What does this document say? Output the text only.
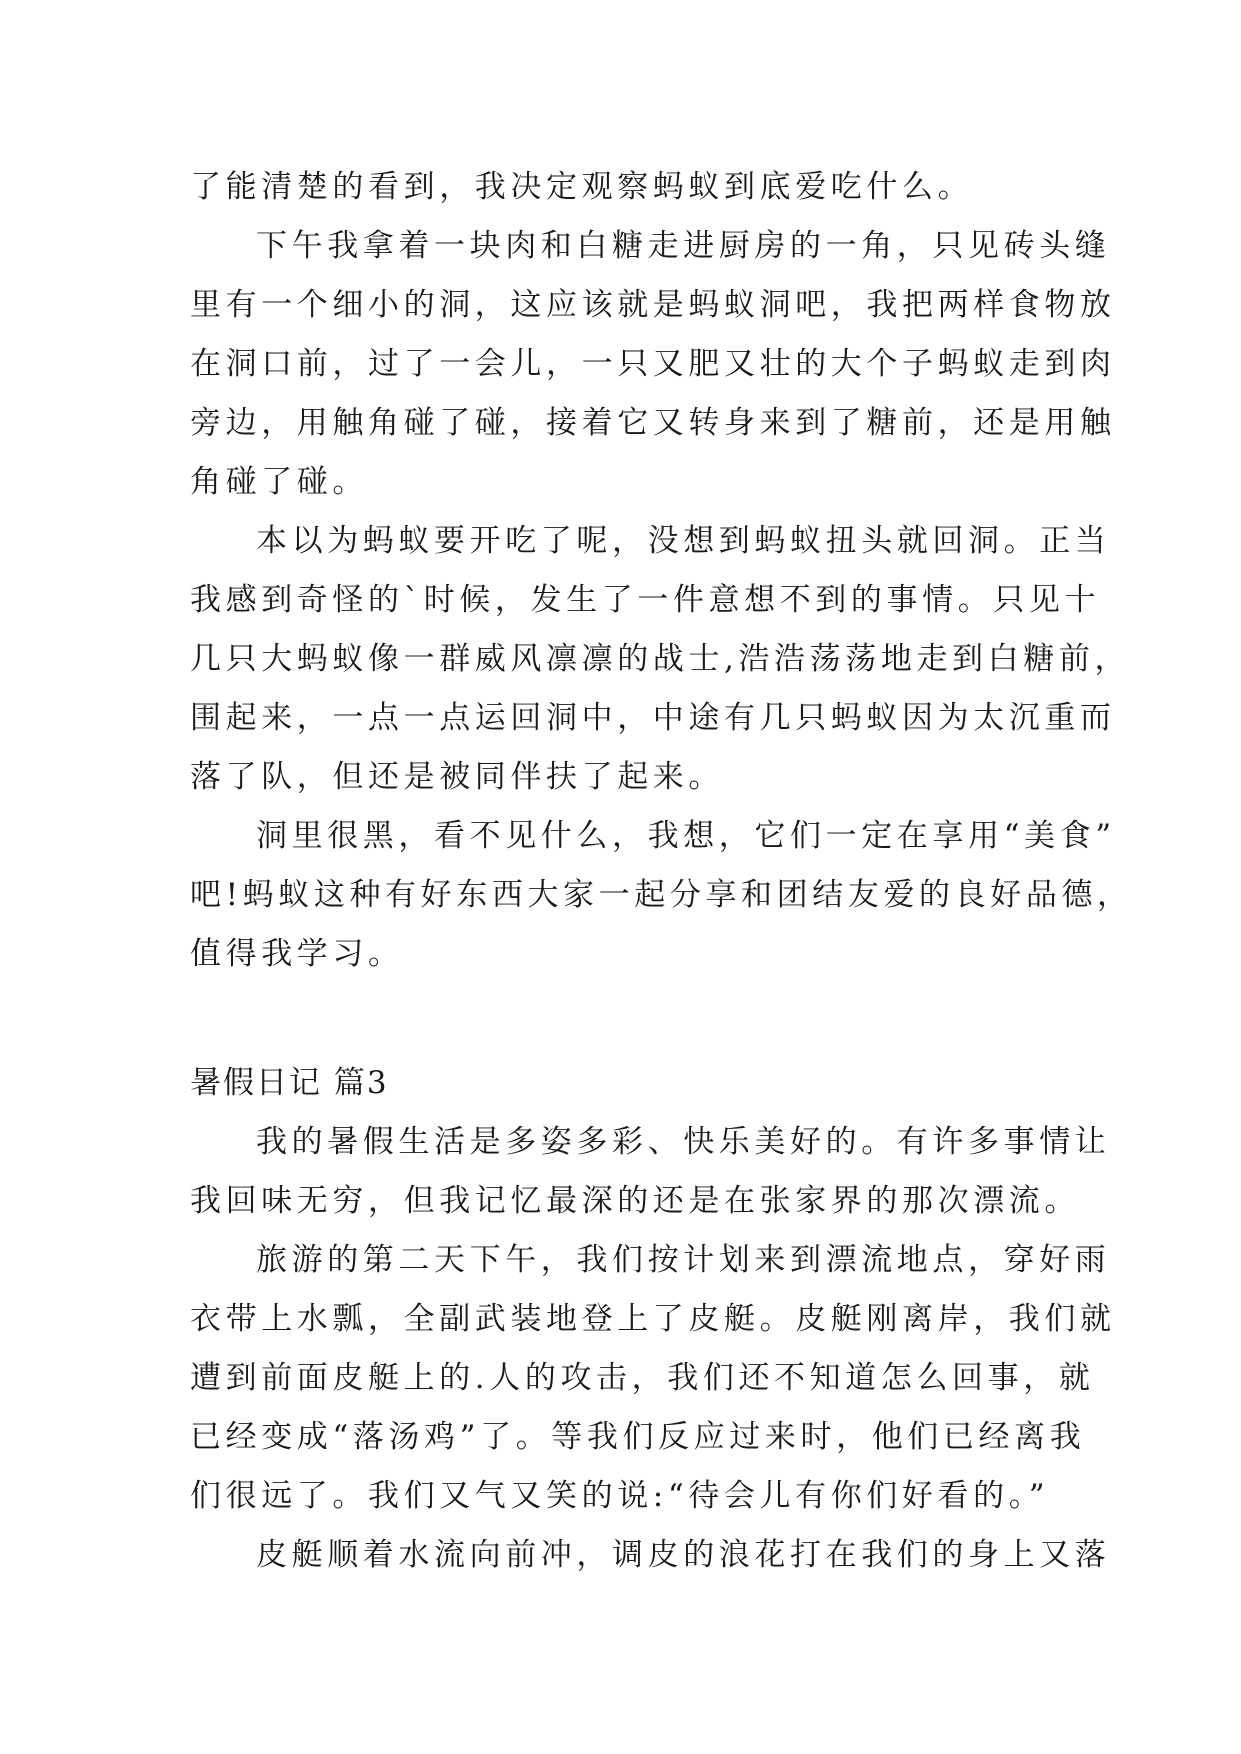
了能清楚的看到，我决定观察蚂蚁到底爱吃什么。
下午我拿着一块肉和白糖走进厨房的一角，只见砖头缝
里有一个细小的洞，这应该就是蚂蚁洞吧，我把两样食物放
在洞口前，过了一会儿，一只又肥又壮的大个子蚂蚁走到肉
旁边，用触角碰了碰，接着它又转身来到了糖前，还是用触
角碰了碰。
本以为蚂蚁要开吃了呢，没想到蚂蚁扭头就回洞。正当
我感到奇怪的`时候，发生了一件意想不到的事情。只见十
几只大蚂蚁像一群威风凛凛的战士,浩浩荡荡地走到白糖前，
围起来，一点一点运回洞中，中途有几只蚂蚁因为太沉重而
落了队，但还是被同伴扶了起来。
洞里很黑，看不见什么，我想，它们一定在享用“美食”
吧!蚂蚁这种有好东西大家一起分享和团结友爱的良好品德，
值得我学习。
暑假日记 篇3
我的暑假生活是多姿多彩、快乐美好的。有许多事情让
我回味无穷，但我记忆最深的还是在张家界的那次漂流。
旅游的第二天下午，我们按计划来到漂流地点，穿好雨
衣带上水瓢，全副武装地登上了皮艇。皮艇刚离岸，我们就
遭到前面皮艇上的.人的攻击，我们还不知道怎么回事，就
已经变成“落汤鸡”了。等我们反应过来时，他们已经离我
们很远了。我们又气又笑的说:“待会儿有你们好看的。”
皮艇顺着水流向前冲，调皮的浪花打在我们的身上又落
